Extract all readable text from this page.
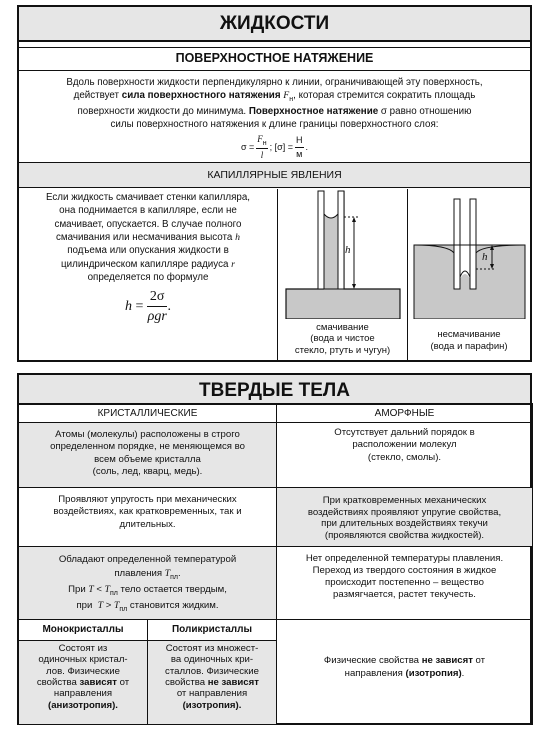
ЖИДКОСТИ
ПОВЕРХНОСТНОЕ НАТЯЖЕНИЕ
Вдоль поверхности жидкости перпендикулярно к линии, ограничивающей эту поверхность,
действует сила поверхностного натяжения $F_н$, которая стремится сократить площадь
поверхности жидкости до минимума. Поверхностное натяжение σ равно отношению
силы поверхностного натяжения к длине границы поверхностного слоя:
σ =
$F_н$
l
; [σ] =
Н
м
.
КАПИЛЛЯРНЫЕ ЯВЛЕНИЯ
Если жидкость смачивает стенки капилляра,
она поднимается в капилляре, если не
смачивает, опускается. В случае полного
смачивания или несмачивания высота h
подъема или опускания жидкости в
цилиндрическом капилляре радиуса r
определяется по формуле
h =
2σ
ρgr
.
h
смачивание
(вода и чистое
стекло, ртуть и чугун)
h
несмачивание
(вода и парафин)
ТВЕРДЫЕ ТЕЛА
КРИСТАЛЛИЧЕСКИЕ	АМОРФНЫЕ
Атомы (молекулы) расположены в строго
определенном порядке, не меняющемся во
всем объеме кристалла
(соль, лед, кварц, медь).
Отсутствует дальний порядок в
расположении молекул
(стекло, смолы).
Проявляют упругость при механических
воздействиях, как кратковременных, так и
длительных.
При кратковременных механических
воздействиях проявляют упругие свойства,
при длительных воздействиях текучи
(проявляются свойства жидкостей).
Обладают определенной температурой
плавления $T_{пл}$.
При $T < T_{пл}$ тело остается твердым,
при  $T > T_{пл}$ становится жидким.
Нет определенной температуры плавления.
Переход из твердого состояния в жидкое
происходит постепенно – вещество
размягчается, растет текучесть.
Монокристаллы	Поликристаллы
Состоят из
одиночных кристал-
лов. Физические
свойства зависят от
направления
(анизотропия).
Состоят из множест-
ва одиночных кри-
сталлов. Физические
свойства не зависят
от направления
(изотропия).
Физические свойства не зависят от
направления (изотропия).
